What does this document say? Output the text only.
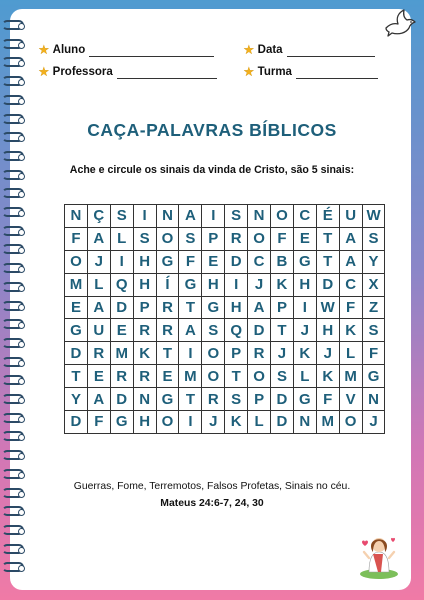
★ Aluno	★ Data
★ Professora	★ Turma
CAÇA-PALAVRAS BÍBLICOS
Ache e circule os sinais da vinda de Cristo, são 5 sinais:
N	Ç	S	I	N	A	I	S	N	O	C	É	U	W
F	A	L	S	O	S	P	R	O	F	E	T	A	S
O	J	I	H	G	F	E	D	C	B	G	T	A	Y
M	L	Q	H	Í	G	H	I	J	K	H	D	C	X
E	A	D	P	R	T	G	H	A	P	I	W	F	Z
G	U	E	R	R	A	S	Q	D	T	J	H	K	S
D	R	M	K	T	I	O	P	R	J	K	J	L	F
T	E	R	R	E	M	O	T	O	S	L	K	M	G
Y	A	D	N	G	T	R	S	P	D	G	F	V	N
D	F	G	H	O	I	J	K	L	D	N	M	O	J
Guerras, Fome, Terremotos, Falsos Profetas, Sinais no céu.
Mateus 24:6-7, 24, 30
